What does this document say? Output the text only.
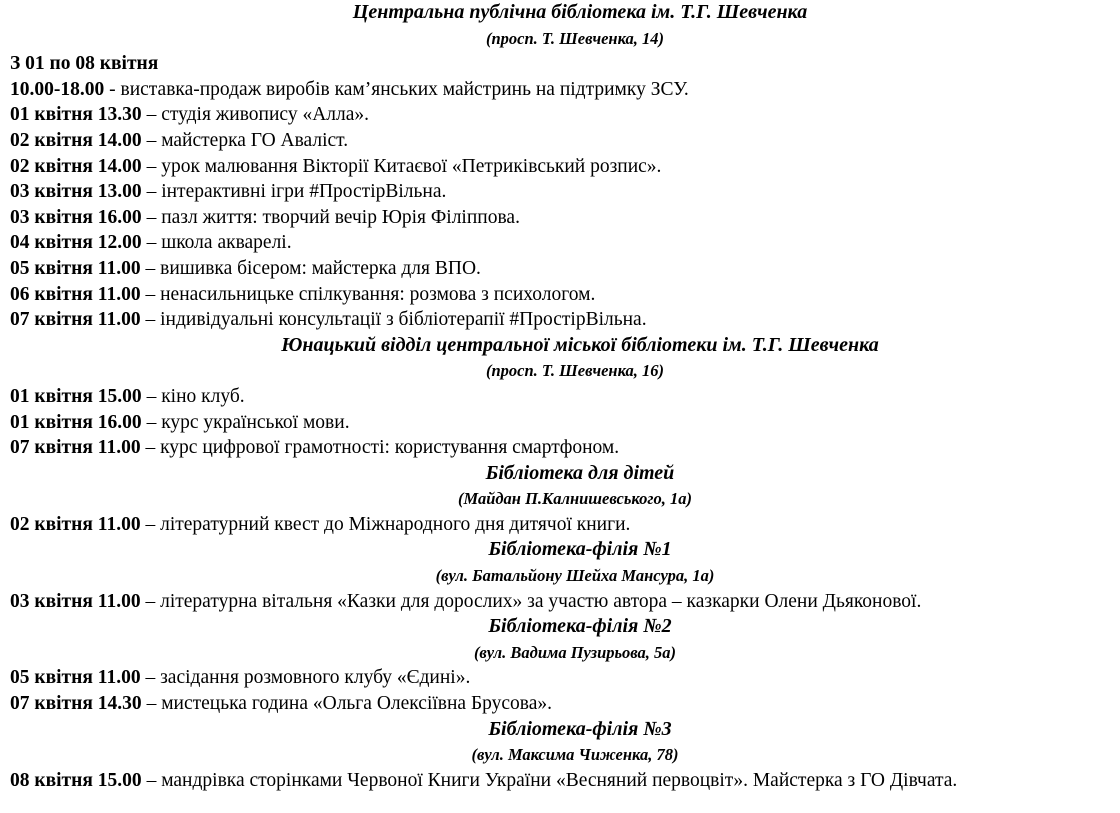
Центральна публічна бібліотека ім. Т.Г. Шевченка
(просп. Т. Шевченка, 14)
З 01 по 08 квітня
10.00-18.00 - виставка-продаж виробів кам’янських майстринь на підтримку ЗСУ.
01 квітня 13.30 – студія живопису «Алла».
02 квітня 14.00 – майстерка ГО Аваліст.
02 квітня 14.00 – урок малювання Вікторії Китаєвої «Петриківський розпис».
03 квітня 13.00 – інтерактивні ігри #ПростірВільна.
03 квітня 16.00 – пазл життя: творчий вечір Юрія Філіппова.
04 квітня 12.00 – школа акварелі.
05 квітня 11.00 – вишивка бісером: майстерка для ВПО.
06 квітня 11.00 – ненасильницьке спілкування: розмова з психологом.
07 квітня 11.00 – індивідуальні консультації з бібліотерапії #ПростірВільна.
Юнацький відділ центральної міської бібліотеки ім. Т.Г. Шевченка
(просп. Т. Шевченка, 16)
01 квітня 15.00 – кіно клуб.
01 квітня 16.00 – курс української мови.
07 квітня 11.00 – курс цифрової грамотності: користування смартфоном.
Бібліотека для дітей
(Майдан П.Калнишевського, 1а)
02 квітня 11.00 – літературний квест до Міжнародного дня дитячої книги.
Бібліотека-філія №1
(вул. Батальйону Шейха Мансура, 1а)
03 квітня 11.00 – літературна вітальня «Казки для дорослих» за участю автора – казкарки Олени Дьяконової.
Бібліотека-філія №2
(вул. Вадима Пузирьова, 5а)
05 квітня 11.00 – засідання розмовного клубу «Єдині».
07 квітня 14.30 – мистецька година «Ольга Олексіївна Брусова».
Бібліотека-філія №3
(вул. Максима Чиженка, 78)
08 квітня 15.00 – мандрівка сторінками Червоної Книги України «Весняний первоцвіт». Майстерка з ГО Дівчата.
